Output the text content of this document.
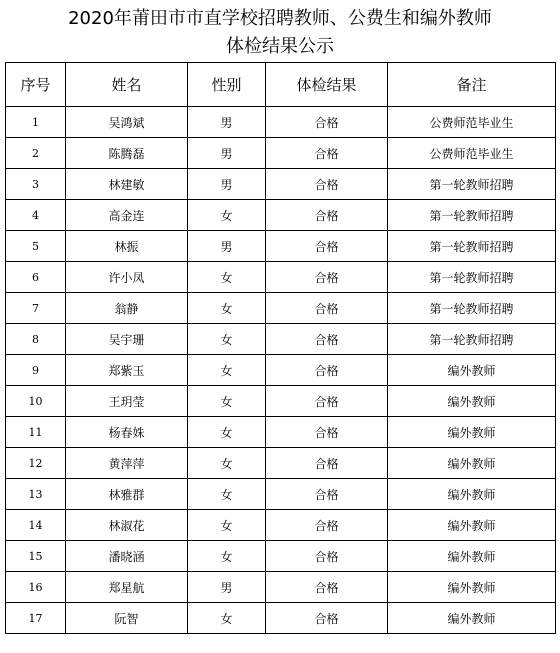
2020年莆田市市直学校招聘教师、公费生和编外教师
体检结果公示
序号	姓名	性别	体检结果	备注
1	吴鸿斌	男	合格	公费师范毕业生
2	陈腾磊	男	合格	公费师范毕业生
3	林建敏	男	合格	第一轮教师招聘
4	高金连	女	合格	第一轮教师招聘
5	林振	男	合格	第一轮教师招聘
6	许小凤	女	合格	第一轮教师招聘
7	翁静	女	合格	第一轮教师招聘
8	吴宇珊	女	合格	第一轮教师招聘
9	郑紫玉	女	合格	编外教师
10	王玥莹	女	合格	编外教师
11	杨春姝	女	合格	编外教师
12	黄萍萍	女	合格	编外教师
13	林雅群	女	合格	编外教师
14	林淑花	女	合格	编外教师
15	潘晓涵	女	合格	编外教师
16	郑星航	男	合格	编外教师
17	阮智	女	合格	编外教师
